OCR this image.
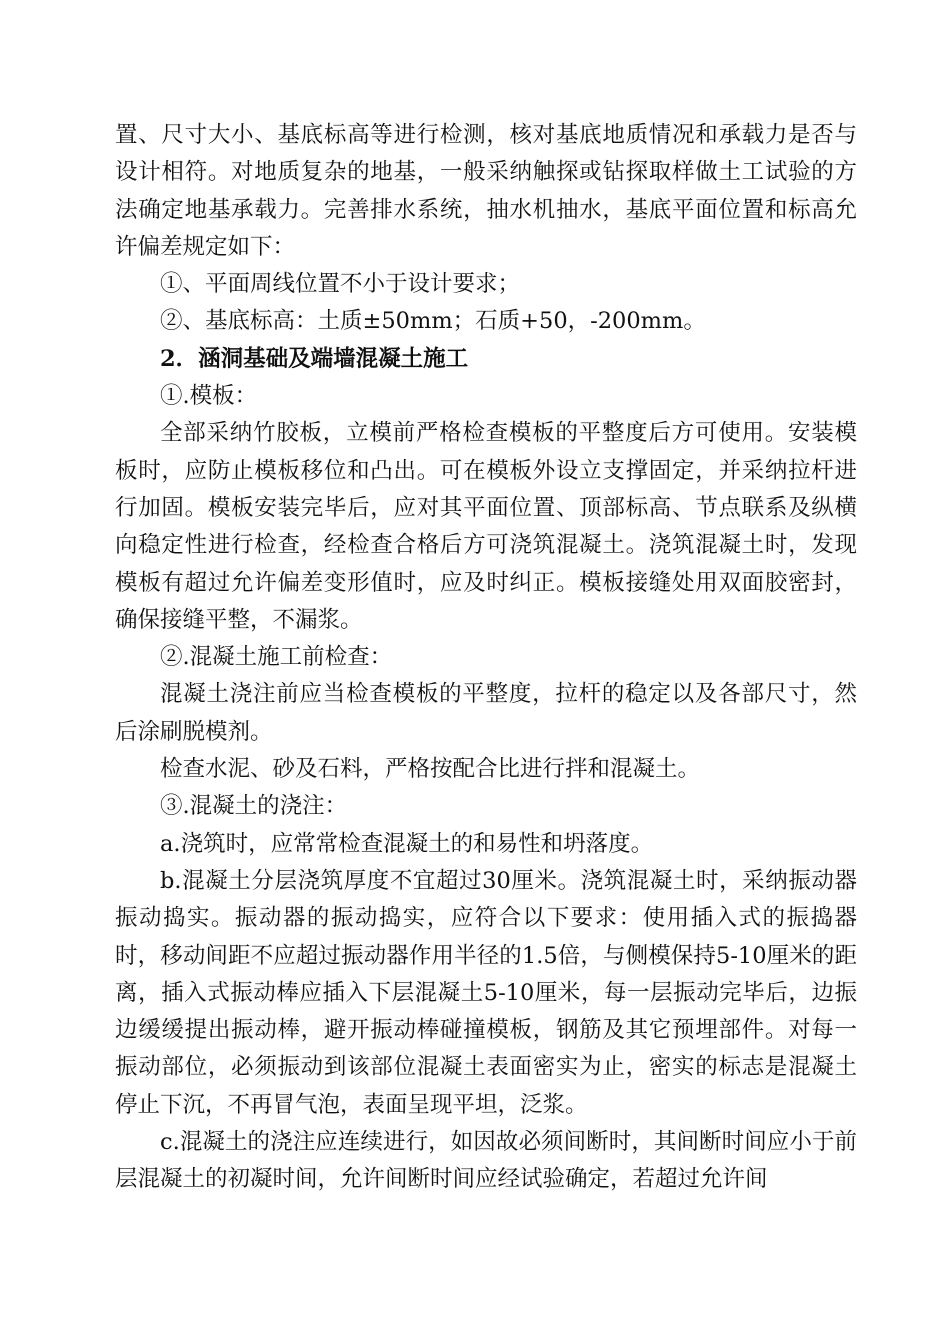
置、尺寸大小、基底标高等进行检测，核对基底地质情况和承载力是否与设计相符。对地质复杂的地基，一般采纳触探或钻探取样做土工试验的方法确定地基承载力。完善排水系统，抽水机抽水，基底平面位置和标高允许偏差规定如下：

①、平面周线位置不小于设计要求；

②、基底标高：土质±50mm；石质+50，-200mm。

2．涵洞基础及端墙混凝土施工

①.模板：

全部采纳竹胶板，立模前严格检查模板的平整度后方可使用。安装模板时，应防止模板移位和凸出。可在模板外设立支撑固定，并采纳拉杆进行加固。模板安装完毕后，应对其平面位置、顶部标高、节点联系及纵横向稳定性进行检查，经检查合格后方可浇筑混凝土。浇筑混凝土时，发现模板有超过允许偏差变形值时，应及时纠正。模板接缝处用双面胶密封，确保接缝平整，不漏浆。

②.混凝土施工前检查：

混凝土浇注前应当检查模板的平整度，拉杆的稳定以及各部尺寸，然后涂刷脱模剂。

检查水泥、砂及石料，严格按配合比进行拌和混凝土。

③.混凝土的浇注：

a.浇筑时，应常常检查混凝土的和易性和坍落度。

b.混凝土分层浇筑厚度不宜超过30厘米。浇筑混凝土时，采纳振动器振动捣实。振动器的振动捣实，应符合以下要求：使用插入式的振捣器时，移动间距不应超过振动器作用半径的1.5倍，与侧模保持5-10厘米的距离，插入式振动棒应插入下层混凝土5-10厘米，每一层振动完毕后，边振边缓缓提出振动棒，避开振动棒碰撞模板，钢筋及其它预埋部件。对每一振动部位，必须振动到该部位混凝土表面密实为止，密实的标志是混凝土停止下沉，不再冒气泡，表面呈现平坦，泛浆。

c.混凝土的浇注应连续进行，如因故必须间断时，其间断时间应小于前层混凝土的初凝时间，允许间断时间应经试验确定，若超过允许间
